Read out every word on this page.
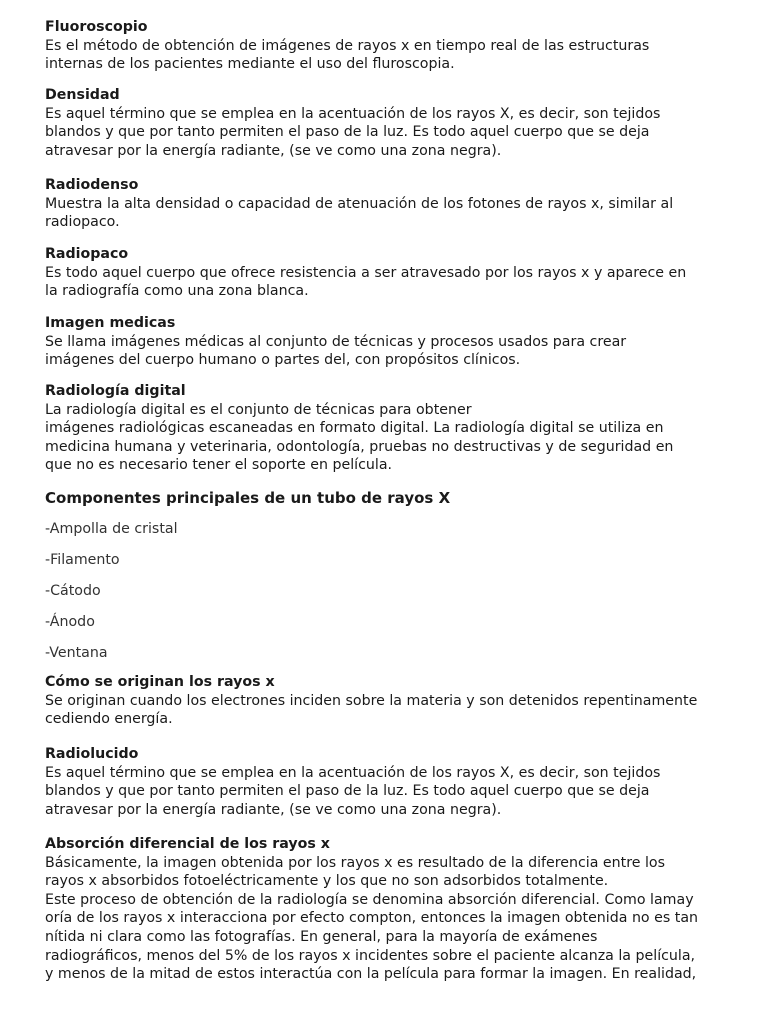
Fluoroscopio
Es el método de obtención de imágenes de rayos x en tiempo real de las estructuras
internas de los pacientes mediante el uso del fluroscopia.
Densidad
Es aquel término que se emplea en la acentuación de los rayos X, es decir, son tejidos
blandos y que por tanto permiten el paso de la luz. Es todo aquel cuerpo que se deja
atravesar por la energía radiante, (se ve como una zona negra).
Radiodenso
Muestra la alta densidad o capacidad de atenuación de los fotones de rayos x, similar al
radiopaco.
Radiopaco
Es todo aquel cuerpo que ofrece resistencia a ser atravesado por los rayos x y aparece en
la radiografía como una zona blanca.
Imagen medicas
Se llama imágenes médicas al conjunto de técnicas y procesos usados para crear
imágenes del cuerpo humano o partes del, con propósitos clínicos.
Radiología digital
La radiología digital es el conjunto de técnicas para obtener
imágenes radiológicas escaneadas en formato digital. La radiología digital se utiliza en
medicina humana y veterinaria, odontología, pruebas no destructivas y de seguridad en
que no es necesario tener el soporte en película.
Componentes principales de un tubo de rayos X
-Ampolla de cristal
-Filamento
-Cátodo
-Ánodo
-Ventana
Cómo se originan los rayos x
Se originan cuando los electrones inciden sobre la materia y son detenidos repentinamente
cediendo energía.
Radiolucido
Es aquel término que se emplea en la acentuación de los rayos X, es decir, son tejidos
blandos y que por tanto permiten el paso de la luz. Es todo aquel cuerpo que se deja
atravesar por la energía radiante, (se ve como una zona negra).
Absorción diferencial de los rayos x
Básicamente, la imagen obtenida por los rayos x es resultado de la diferencia entre los
rayos x absorbidos fotoeléctricamente y los que no son adsorbidos totalmente.
Este proceso de obtención de la radiología se denomina absorción diferencial. Como lamay
oría de los rayos x interacciona por efecto compton, entonces la imagen obtenida no es tan
nítida ni clara como las fotografías. En general, para la mayoría de exámenes
radiográficos, menos del 5% de los rayos x incidentes sobre el paciente alcanza la película,
y menos de la mitad de estos interactúa con la película para formar la imagen. En realidad,
